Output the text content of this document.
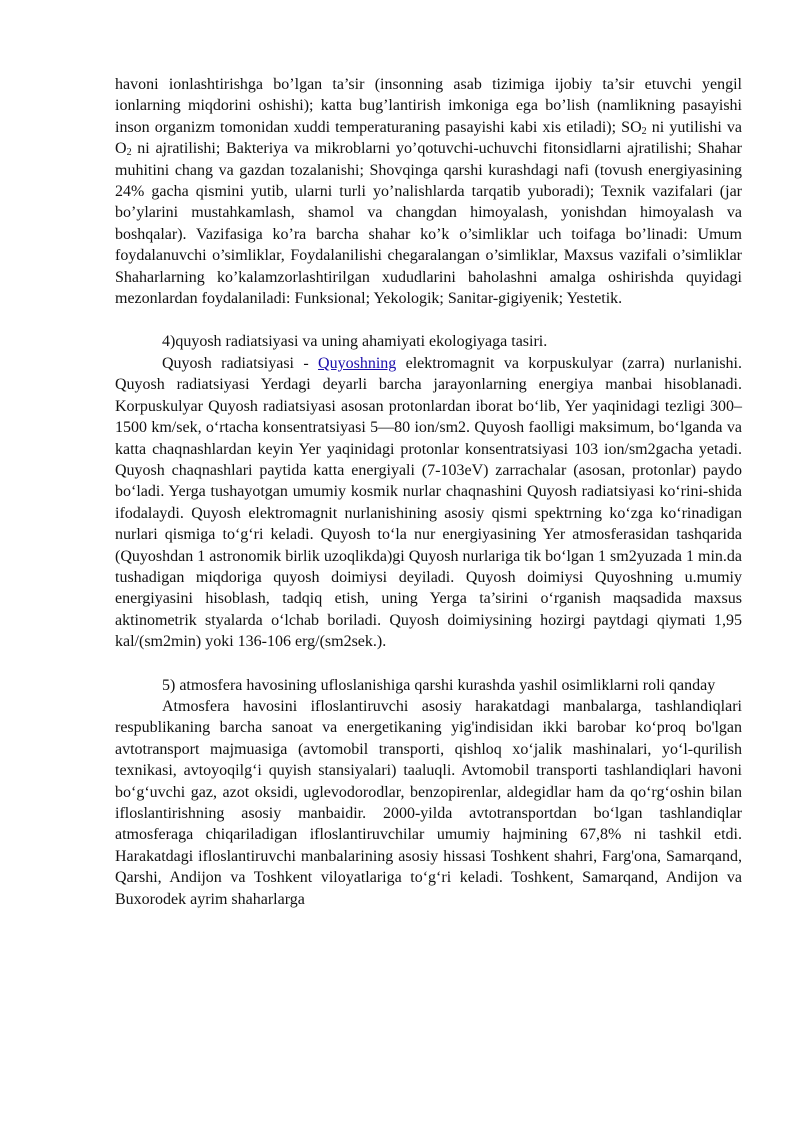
havoni ionlashtirishga bo’lgan ta’sir (insonning asab tizimiga ijobiy ta’sir etuvchi yengil ionlarning miqdorini oshishi); katta bug’lantirish imkoniga ega bo’lish (namlikning pasayishi inson organizm tomonidan xuddi temperaturaning pasayishi kabi xis etiladi); $SO_2$ ni yutilishi va $O_2$ ni ajratilishi; Bakteriya va mikroblarni yo’qotuvchi-uchuvchi fitonsidlarni ajratilishi; Shahar muhitini chang va gazdan tozalanishi; Shovqinga qarshi kurashdagi nafi (tovush energiyasining 24% gacha qismini yutib, ularni turli yo’nalishlarda tarqatib yuboradi); Texnik vazifalari (jar bo’ylarini mustahkamlash, shamol va changdan himoyalash, yonishdan himoyalash va boshqalar). Vazifasiga ko’ra barcha shahar ko’k o’simliklar uch toifaga bo’linadi: Umum foydalanuvchi o’simliklar, Foydalanilishi chegaralangan o’simliklar, Maxsus vazifali o’simliklar Shaharlarning ko’kalamzorlashtirilgan xududlarini baholashni amalga oshirishda quyidagi mezonlardan foydalaniladi: Funksional; Yekologik; Sanitar-gigiyenik; Yestetik.

4)quyosh radiatsiyasi va uning ahamiyati ekologiyaga tasiri.

Quyosh radiatsiyasi - Quyoshning elektromagnit va korpuskulyar (zarra) nurlanishi. Quyosh radiatsiyasi Yerdagi deyarli barcha jarayonlarning energiya manbai hisoblanadi. Korpuskulyar Quyosh radiatsiyasi asosan protonlardan iborat bo‘lib, Yer yaqinidagi tezligi 300–1500 km/sek, o‘rtacha konsentratsiyasi 5—80 ion/sm2. Quyosh faolligi maksimum, bo‘lganda va katta chaqnashlardan keyin Yer yaqinidagi protonlar konsentratsiyasi 103 ion/sm2gacha yetadi. Quyosh chaqnashlari paytida katta energiyali (7-103eV) zarrachalar (asosan, protonlar) paydo bo‘ladi. Yerga tushayotgan umumiy kosmik nurlar chaqnashini Quyosh radiatsiyasi ko‘rini-shida ifodalaydi. Quyosh elektromagnit nurlanishining asosiy qismi spektrning ko‘zga ko‘rinadigan nurlari qismiga to‘g‘ri keladi. Quyosh to‘la nur energiyasining Yer atmosferasidan tashqarida (Quyoshdan 1 astronomik birlik uzoqlikda)gi Quyosh nurlariga tik bo‘lgan 1 sm2yuzada 1 min.da tushadigan miqdoriga quyosh doimiysi deyiladi. Quyosh doimiysi Quyoshning u.mumiy energiyasini hisoblash, tadqiq etish, uning Yerga ta’sirini o‘rganish maqsadida maxsus aktinometrik styalarda o‘lchab boriladi. Quyosh doimiysining hozirgi paytdagi qiymati 1,95 kal/(sm2min) yoki 136-106 erg/(sm2sek.).

5) atmosfera havosining ufloslanishiga qarshi kurashda yashil osimliklarni roli qanday

Atmosfera havosini ifloslantiruvchi asosiy harakatdagi manbalarga, tashlandiqlari respublikaning barcha sanoat va energetikaning yig'indisidan ikki barobar ko‘proq bo'lgan avtotransport majmuasiga (avtomobil transporti, qishloq xo‘jalik mashinalari, yo‘l-qurilish texnikasi, avtoyoqilg‘i quyish stansiyalari) taaluqli. Avtomobil transporti tashlandiqlari havoni bo‘g‘uvchi gaz, azot oksidi, uglevodorodlar, benzopirenlar, aldegidlar ham da qo‘rg‘oshin bilan ifloslantirishning asosiy manbaidir. 2000-yilda avtotransportdan bo‘lgan tashlandiqlar atmosferaga chiqariladigan ifloslantiruvchilar umumiy hajmining 67,8% ni tashkil etdi. Harakatdagi ifloslantiruvchi manbalarining asosiy hissasi Toshkent shahri, Farg'ona, Samarqand, Qarshi, Andijon va Toshkent viloyatlariga to‘g‘ri keladi. Toshkent, Samarqand, Andijon va Buxorodek ayrim shaharlarga
